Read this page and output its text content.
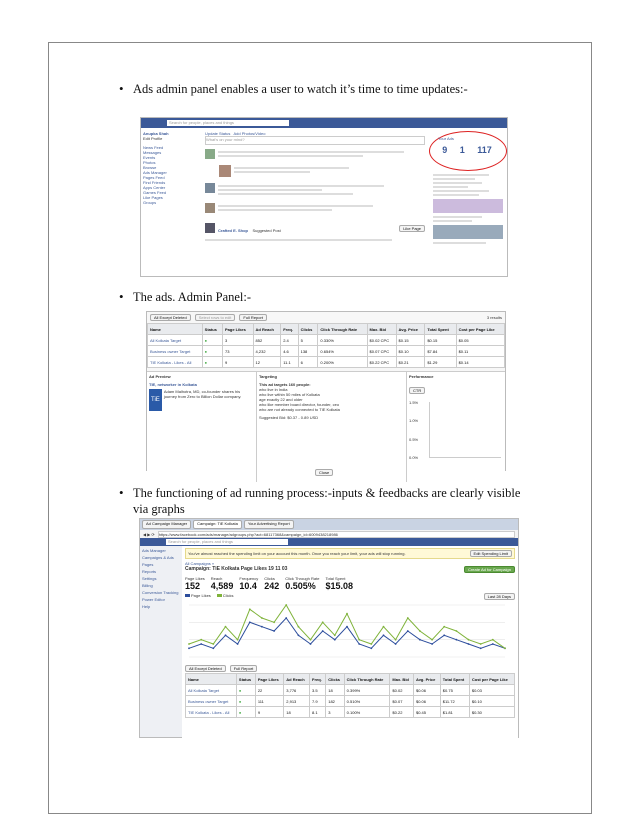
• Ads admin panel enables a user to watch it’s time to time updates:-
Search for people, places and things
Anupka Shah
Edit Profile
News Feed
Messages
Events
Photos
Browse
Ads Manager
Pages Feed
Find Friends
Apps Center
Games Feed
Like Pages
Groups
Update Status Add Photos/Video
What's on your mind?
Crafted E. Shop Suggested Post	Like Page
Your Ads
9 1 117
• The ads. Admin Panel:-
All Except Deleted	Select rows to edit	Full Report	3 results
Name	Status	Page Likes	Ad Reach	Freq.	Clicks	Click Through Rate	Max. Bid	Avg. Price	Total Spent	Cost per Page Like
All Kolkata Target	●	3	852	2.4	5	0.330%	$0.02 CPC	$0.15	$0.15	$0.05
Business owner Target	●	73	4,232	4.6	138	0.654%	$0.07 CPC	$0.10	$7.84	$0.11
TIE Kolkata - Likes - All	●	9	12	11.1	6	0.200%	$0.22 CPC	$0.21	$1.29	$0.14
Ad Preview
TIE, networker in Kolkata
TiE
Adam Malhotra, MD, co-founder shares his journey from Zero to Billion Dollar company.
Targeting
This ad targets 160 people:
who live in India
who live within 50 miles of Kolkata
age exactly 22 and older
who like member board director, founder, ceo
who are not already connected to TIE Kolkata
Suggested Bid: $0.37 - 0.89 USD
Close
Performance
CTR
1.5%
1.0%
0.5%
0.0%
• The functioning of ad running process:-inputs & feedbacks are clearly visible
via graphs
Ad Campaign Manager	Campaign: TiE Kolkata	Your Advertising Report
◀ ▶ ⟳ https://www.facebook.com/ads/manage/adgroups.php?act=68117368&campaign_id=6009438218986
Search for people, places and things
Ads Manager
Campaigns & Ads
Pages
Reports
Settings
Billing
Conversion Tracking
Power Editor
Help
You've almost reached the spending limit on your account this month. Once you reach your limit, your ads will stop running.	Edit Spending Limit
All Campaigns »
Campaign: TiE Kolkata Page Likes 19 11 03	Create Ad for Campaign
Page Likes
152
Reach
4,589
Frequency
10.4
Clicks
242
Click Through Rate
0.505%
Total Spent
$15.08
Page Likes	Clicks	Last 28 Days
All Except Deleted	Full Report
Name	Status	Page Likes	Ad Reach	Freq.	Clicks	Click Through Rate	Max. Bid	Avg. Price	Total Spent	Cost per Page Like
All Kolkata Target	●	22	3,776	3.5	18	0.399%	$0.02	$0.06	$0.75	$0.03
Business owner Target	●	111	2,913	7.9	182	0.510%	$0.07	$0.06	$11.72	$0.10
TIE Kolkata - Likes - All	●	9	18	8.1	3	0.100%	$0.22	$0.45	$1.81	$0.30
